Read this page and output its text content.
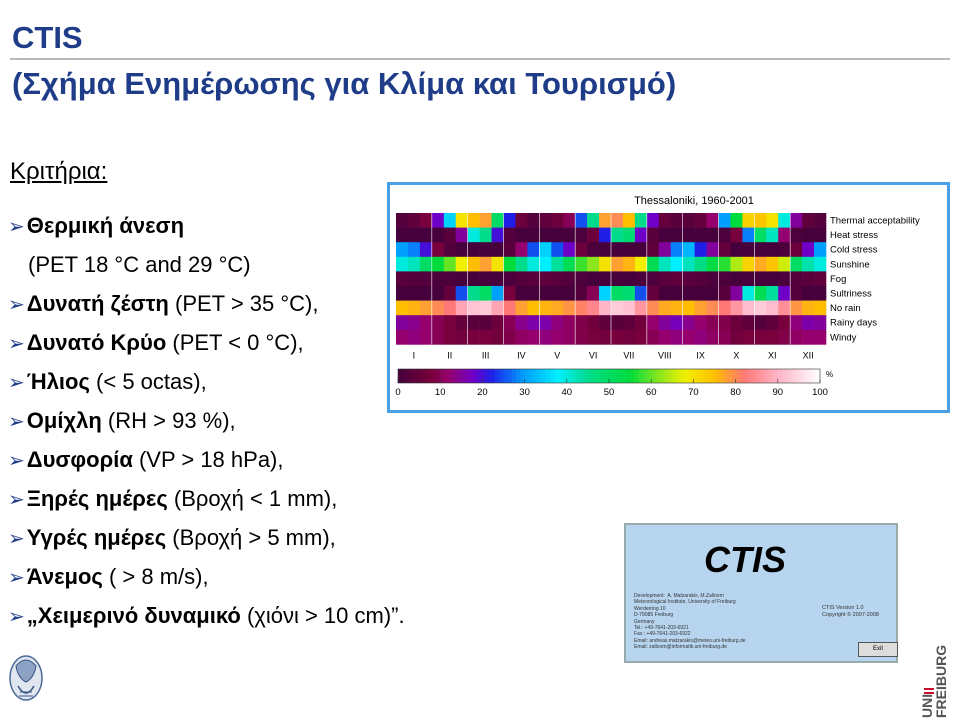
CTIS
(Σχήμα Ενημέρωσης για Κλίμα και Τουρισμό)
Κριτήρια:
➢Θερμική άνεση
(PET 18 °C and 29 °C)
➢Δυνατή ζέστη (PET > 35 °C),
➢Δυνατό Κρύο (PET < 0 °C),
➢Ήλιος (< 5 octas),
➢Ομίχλη (RH > 93 %),
➢Δυσφορία (VP > 18 hPa),
➢Ξηρές ημέρες (Βροχή < 1 mm),
➢Υγρές ημέρες (Βροχή > 5 mm),
➢Άνεμος ( > 8 m/s),
➢„Χειμερινό δυναμικό (χιόνι > 10 cm)”.
Thessaloniki, 1960-2001
Thermal acceptability
Heat stress
Cold stress
Sunshine
Fog
Sultriness
No rain
Rainy days
Windy
I	II	III	IV	V	VI	VII	VIII	IX	X	XI	XII
0	10	20	30	40	50	60	70	80	90	100
%
CTIS
Development:  A. Matzarakis, M.Zalloom
Meteorological Institute, University of Freiburg
Werderring 10
D-79085 Freiburg
Germany
Tel.: +49-7641-203-6921
Fax.: +49-7641-203-6922
Email: andreas.matzarakis@meteo.uni-freiburg.de
Email: zalloom@informatik.uni-freiburg.de
CTIS Version 1.0
Copyright © 2007-2008
Exit
UNI
FREIBURG
